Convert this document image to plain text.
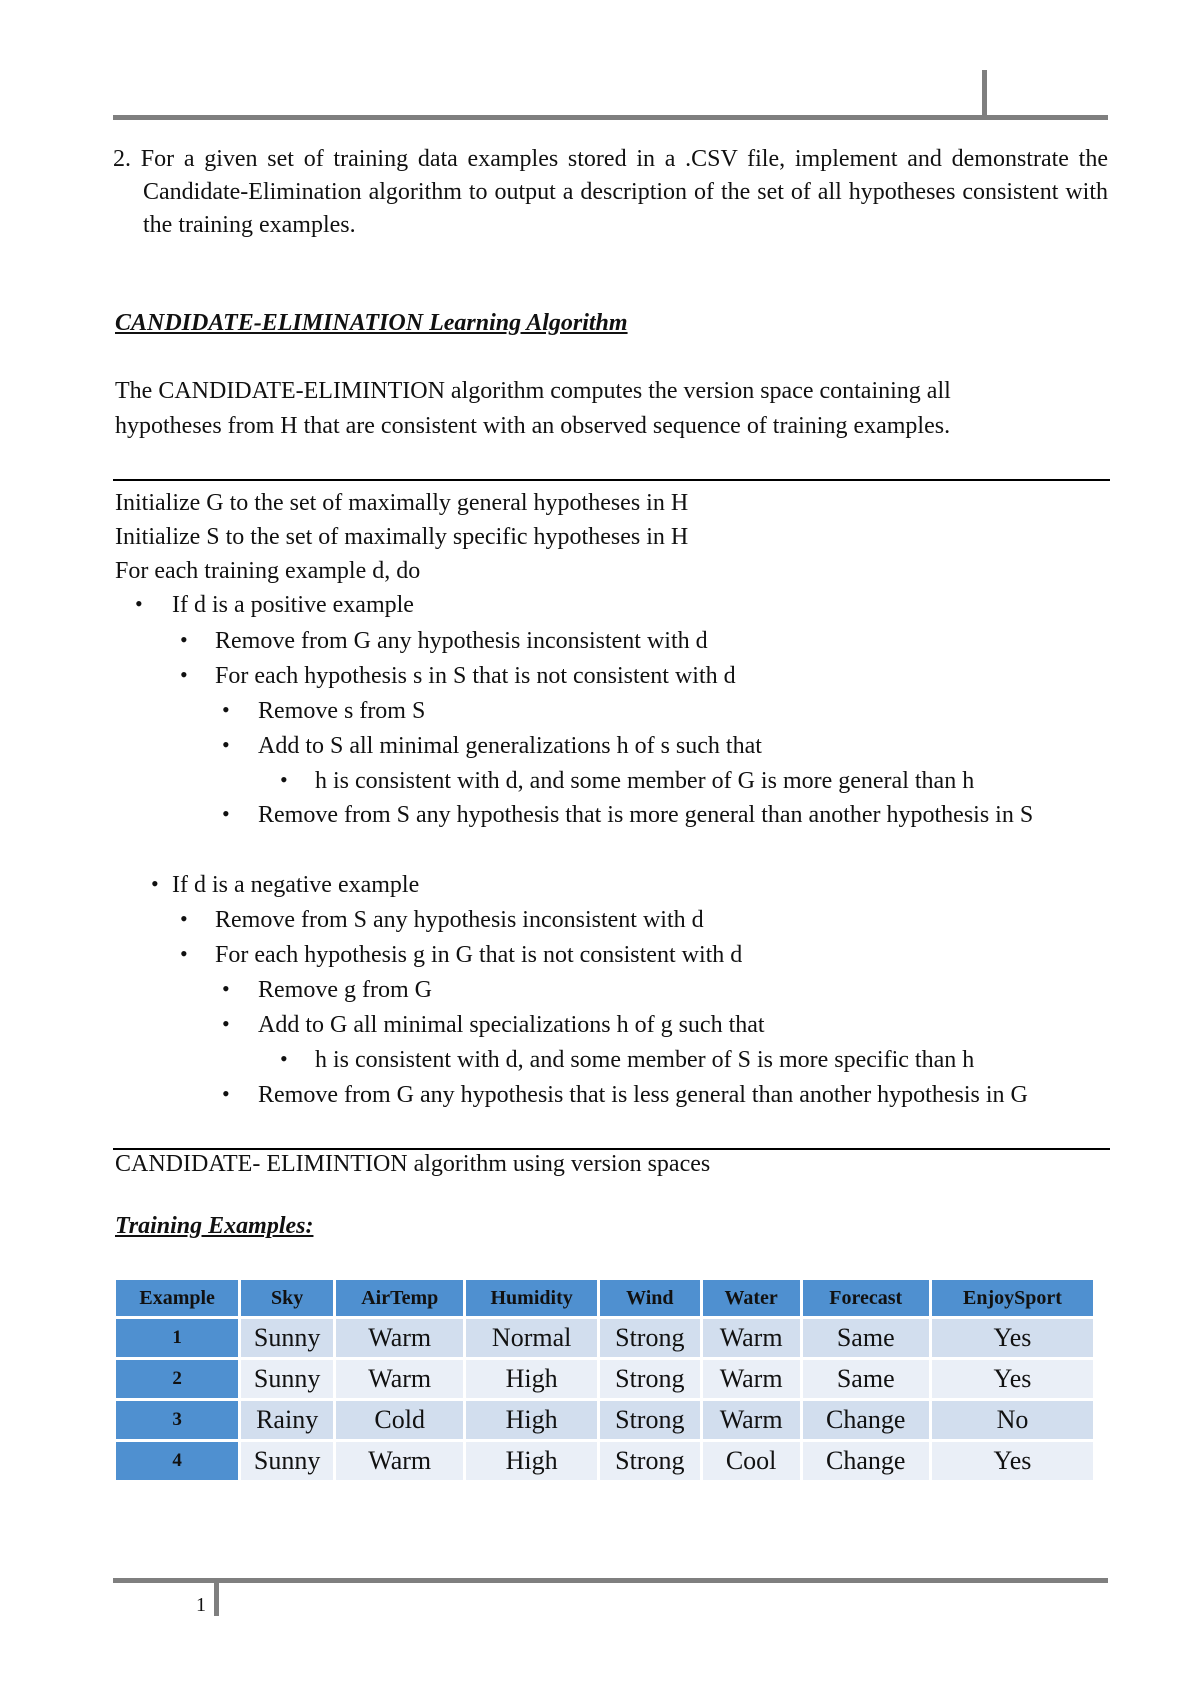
2. For a given set of training data examples stored in a .CSV file, implement and demonstrate the Candidate-Elimination algorithm to output a description of the set of all hypotheses consistent with the training examples.
CANDIDATE-ELIMINATION Learning Algorithm
The CANDIDATE-ELIMINTION algorithm computes the version space containing all
hypotheses from H that are consistent with an observed sequence of training examples.
Initialize G to the set of maximally general hypotheses in H
Initialize S to the set of maximally specific hypotheses in H
For each training example d, do
• If d is a positive example
• Remove from G any hypothesis inconsistent with d
• For each hypothesis s in S that is not consistent with d
• Remove s from S
• Add to S all minimal generalizations h of s such that
• h is consistent with d, and some member of G is more general than h
• Remove from S any hypothesis that is more general than another hypothesis in S
• If d is a negative example
• Remove from S any hypothesis inconsistent with d
• For each hypothesis g in G that is not consistent with d
• Remove g from G
• Add to G all minimal specializations h of g such that
• h is consistent with d, and some member of S is more specific than h
• Remove from G any hypothesis that is less general than another hypothesis in G
CANDIDATE- ELIMINTION algorithm using version spaces
Training Examples:
Example	Sky	AirTemp	Humidity	Wind	Water	Forecast	EnjoySport
1	Sunny	Warm	Normal	Strong	Warm	Same	Yes
2	Sunny	Warm	High	Strong	Warm	Same	Yes
3	Rainy	Cold	High	Strong	Warm	Change	No
4	Sunny	Warm	High	Strong	Cool	Change	Yes
1
